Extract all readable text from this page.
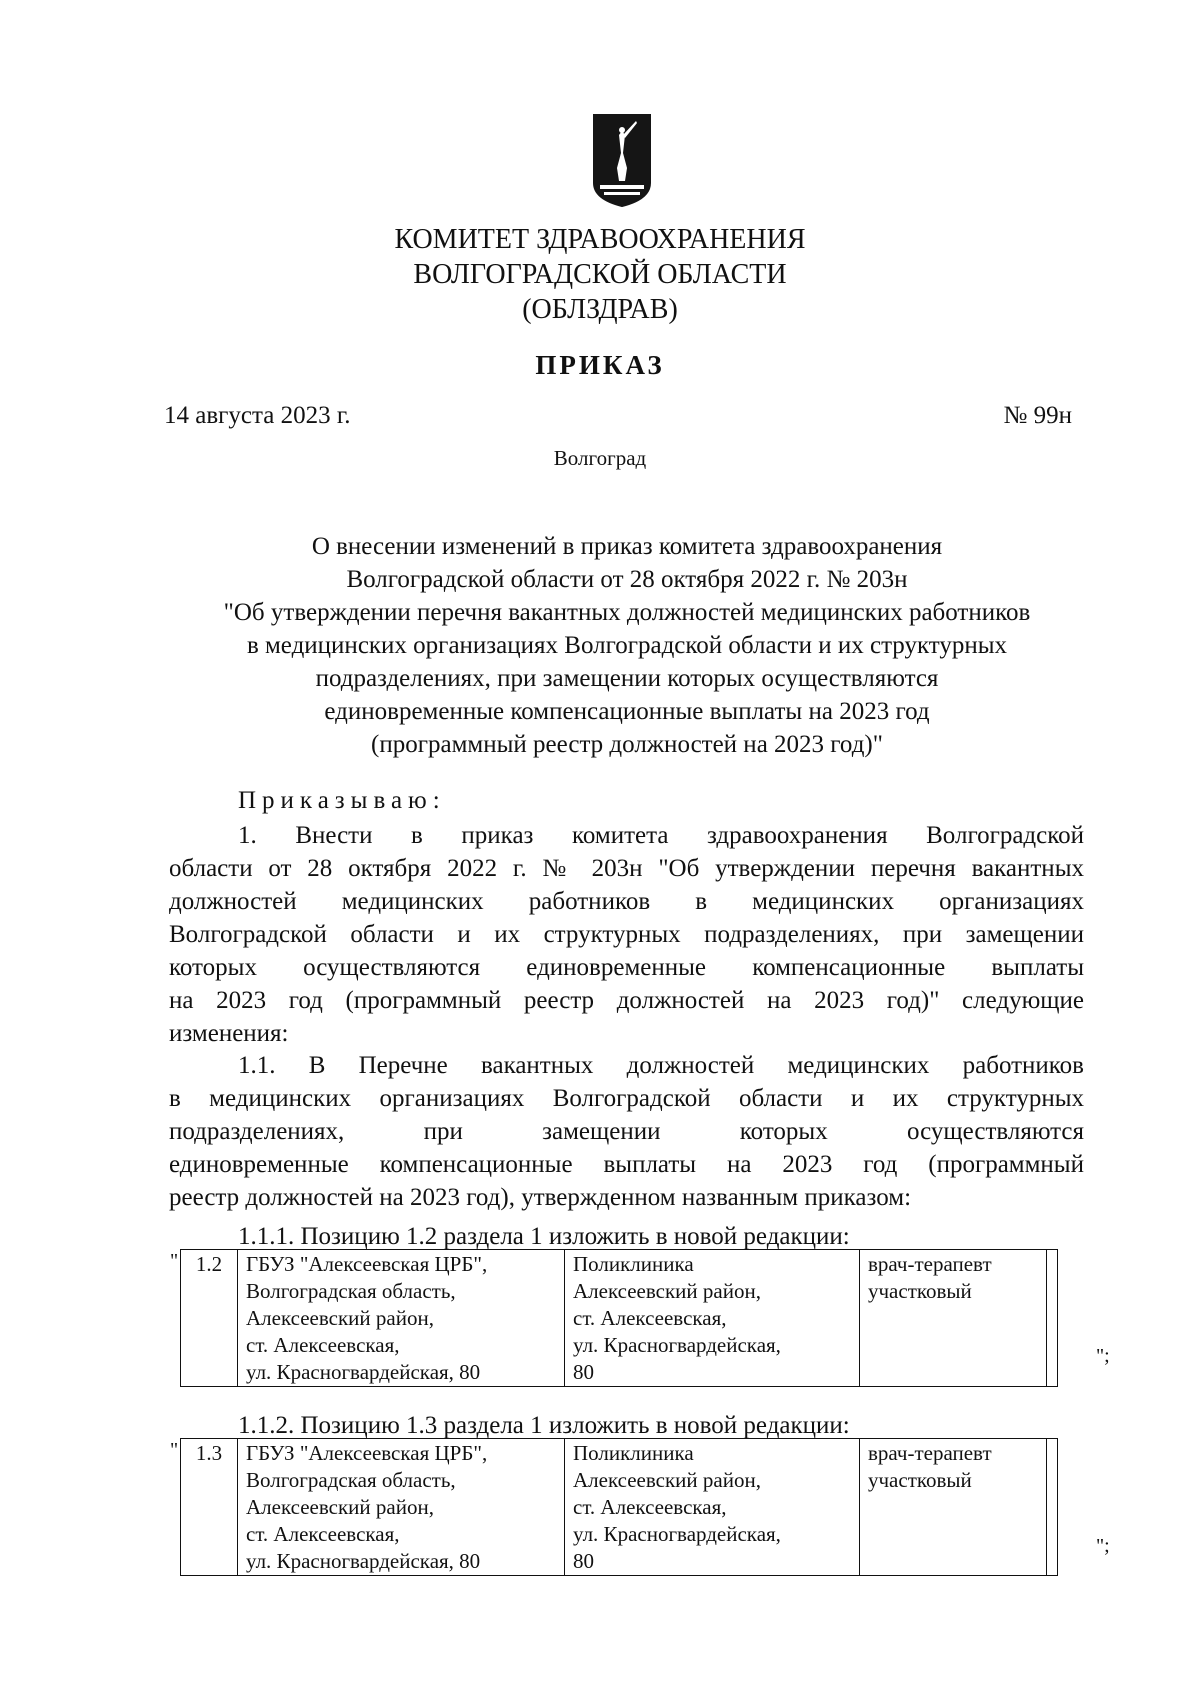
КОМИТЕТ ЗДРАВООХРАНЕНИЯ
ВОЛГОГРАДСКОЙ ОБЛАСТИ
(ОБЛЗДРАВ)
ПРИКАЗ
14 августа 2023 г.	№ 99н
Волгоград
О внесении изменений в приказ комитета здравоохранения
Волгоградской области от 28 октября 2022 г. № 203н
"Об утверждении перечня вакантных должностей медицинских работников
в медицинских организациях Волгоградской области и их структурных
подразделениях, при замещении которых осуществляются
единовременные компенсационные выплаты на 2023 год
(программный реестр должностей на 2023 год)"
Приказываю:
1. Внести в приказ комитета здравоохранения Волгоградской
области от 28 октября 2022 г. № 203н "Об утверждении перечня вакантных
должностей медицинских работников в медицинских организациях
Волгоградской области и их структурных подразделениях, при замещении
которых осуществляются единовременные компенсационные выплаты
на 2023 год (программный реестр должностей на 2023 год)" следующие
изменения:
1.1. В Перечне вакантных должностей медицинских работников
в медицинских организациях Волгоградской области и их структурных
подразделениях, при замещении которых осуществляются
единовременные компенсационные выплаты на 2023 год (программный
реестр должностей на 2023 год), утвержденном названным приказом:
1.1.1. Позицию 1.2 раздела 1 изложить в новой редакции:
" 1.2	ГБУЗ "Алексеевская ЦРБ",
Волгоградская область,
Алексеевский район,
ст. Алексеевская,
ул. Красногвардейская, 80

Поликлиника
Алексеевский район,
ст. Алексеевская,
ул. Красногвардейская,
80

врач-терапевт
участковый

";
1.1.2. Позицию 1.3 раздела 1 изложить в новой редакции:
" 1.3	ГБУЗ "Алексеевская ЦРБ",
Волгоградская область,
Алексеевский район,
ст. Алексеевская,
ул. Красногвардейская, 80

Поликлиника
Алексеевский район,
ст. Алексеевская,
ул. Красногвардейская,
80

врач-терапевт
участковый

";
